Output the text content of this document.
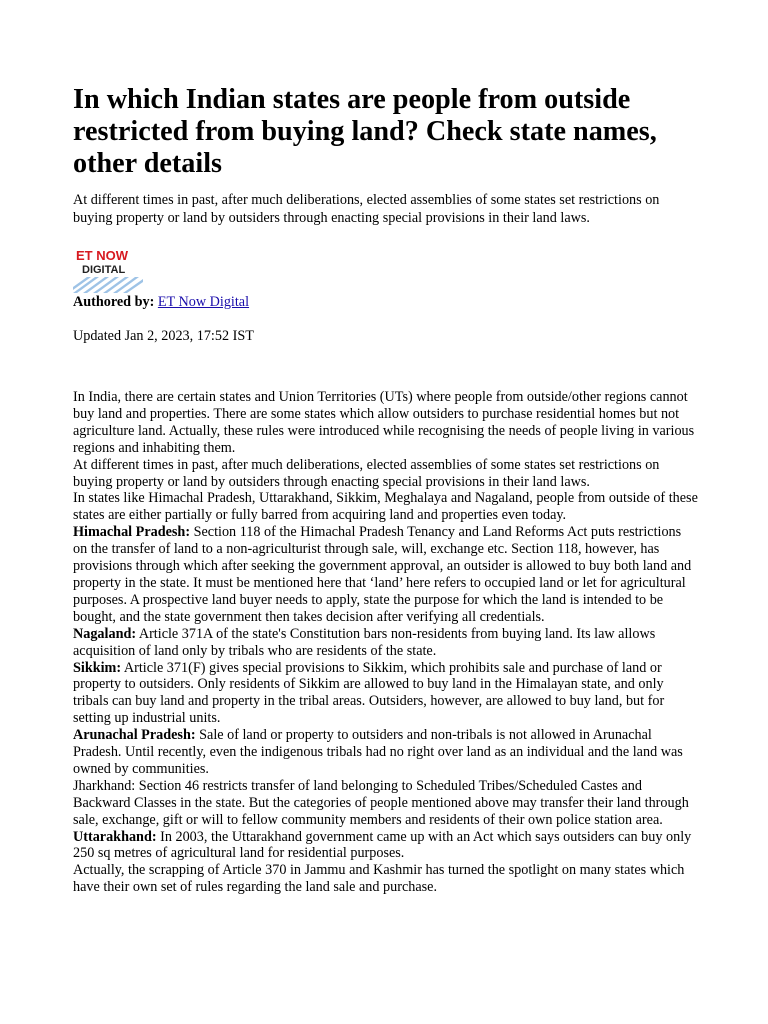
In which Indian states are people from outside restricted from buying land? Check state names, other details

At different times in past, after much deliberations, elected assemblies of some states set restrictions on buying property or land by outsiders through enacting special provisions in their land laws.

ET NOW
DIGITAL

Authored by: ET Now Digital

Updated Jan 2, 2023, 17:52 IST

In India, there are certain states and Union Territories (UTs) where people from outside/other regions cannot buy land and properties. There are some states which allow outsiders to purchase residential homes but not agriculture land. Actually, these rules were introduced while recognising the needs of people living in various regions and inhabiting them.

At different times in past, after much deliberations, elected assemblies of some states set restrictions on buying property or land by outsiders through enacting special provisions in their land laws.

In states like Himachal Pradesh, Uttarakhand, Sikkim, Meghalaya and Nagaland, people from outside of these states are either partially or fully barred from acquiring land and properties even today.

Himachal Pradesh: Section 118 of the Himachal Pradesh Tenancy and Land Reforms Act puts restrictions on the transfer of land to a non-agriculturist through sale, will, exchange etc. Section 118, however, has provisions through which after seeking the government approval, an outsider is allowed to buy both land and property in the state. It must be mentioned here that ‘land’ here refers to occupied land or let for agricultural purposes. A prospective land buyer needs to apply, state the purpose for which the land is intended to be bought, and the state government then takes decision after verifying all credentials.

Nagaland: Article 371A of the state's Constitution bars non-residents from buying land. Its law allows acquisition of land only by tribals who are residents of the state.

Sikkim: Article 371(F) gives special provisions to Sikkim, which prohibits sale and purchase of land or property to outsiders. Only residents of Sikkim are allowed to buy land in the Himalayan state, and only tribals can buy land and property in the tribal areas. Outsiders, however, are allowed to buy land, but for setting up industrial units.

Arunachal Pradesh: Sale of land or property to outsiders and non-tribals is not allowed in Arunachal Pradesh. Until recently, even the indigenous tribals had no right over land as an individual and the land was owned by communities.

Jharkhand: Section 46 restricts transfer of land belonging to Scheduled Tribes/Scheduled Castes and Backward Classes in the state. But the categories of people mentioned above may transfer their land through sale, exchange, gift or will to fellow community members and residents of their own police station area.

Uttarakhand: In 2003, the Uttarakhand government came up with an Act which says outsiders can buy only 250 sq metres of agricultural land for residential purposes.

Actually, the scrapping of Article 370 in Jammu and Kashmir has turned the spotlight on many states which have their own set of rules regarding the land sale and purchase.
